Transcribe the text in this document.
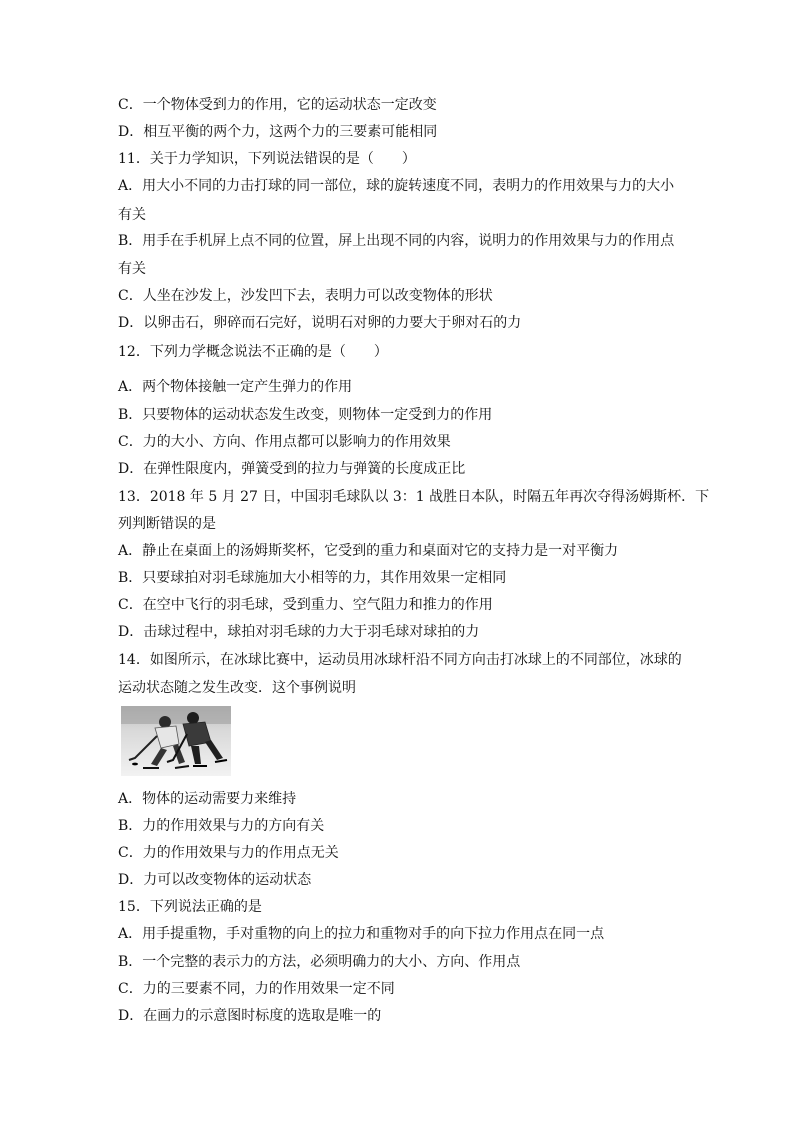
C．一个物体受到力的作用，它的运动状态一定改变
D．相互平衡的两个力，这两个力的三要素可能相同
11．关于力学知识，下列说法错误的是（　　）
A．用大小不同的力击打球的同一部位，球的旋转速度不同，表明力的作用效果与力的大小
有关
B．用手在手机屏上点不同的位置，屏上出现不同的内容，说明力的作用效果与力的作用点
有关
C．人坐在沙发上，沙发凹下去，表明力可以改变物体的形状
D．以卵击石，卵碎而石完好，说明石对卵的力要大于卵对石的力
12．下列力学概念说法不正确的是（　　）
A．两个物体接触一定产生弹力的作用
B．只要物体的运动状态发生改变，则物体一定受到力的作用
C．力的大小、方向、作用点都可以影响力的作用效果
D．在弹性限度内，弹簧受到的拉力与弹簧的长度成正比
13．2018 年 5 月 27 日，中国羽毛球队以 3：1 战胜日本队，时隔五年再次夺得汤姆斯杯．下
列判断错误的是
A．静止在桌面上的汤姆斯奖杯，它受到的重力和桌面对它的支持力是一对平衡力
B．只要球拍对羽毛球施加大小相等的力，其作用效果一定相同
C．在空中飞行的羽毛球，受到重力、空气阻力和推力的作用
D．击球过程中，球拍对羽毛球的力大于羽毛球对球拍的力
14．如图所示，在冰球比赛中，运动员用冰球杆沿不同方向击打冰球上的不同部位，冰球的
运动状态随之发生改变．这个事例说明
A．物体的运动需要力来维持
B．力的作用效果与力的方向有关
C．力的作用效果与力的作用点无关
D．力可以改变物体的运动状态
15．下列说法正确的是
A．用手提重物，手对重物的向上的拉力和重物对手的向下拉力作用点在同一点
B．一个完整的表示力的方法，必须明确力的大小、方向、作用点
C．力的三要素不同，力的作用效果一定不同
D．在画力的示意图时标度的选取是唯一的
